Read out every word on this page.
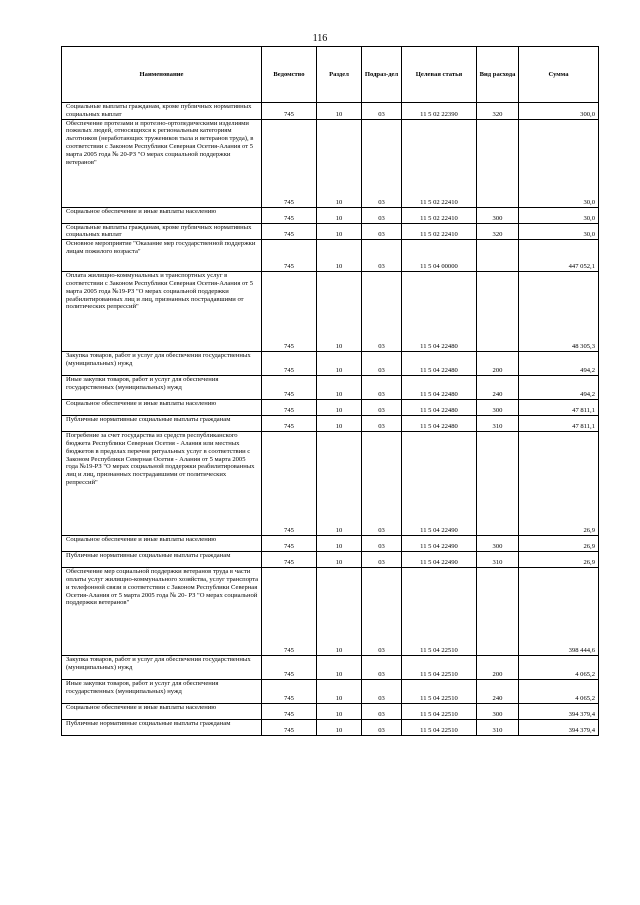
116
Наименование	Ведомство	Раздел	Подраз-дел	Целевая статья	Вид расхода	Сумма
Социальные выплаты гражданам, кроме публичных нормативных социальных выплат	745	10	03	11 5 02 22390	320	300,0
Обеспечение протезами и протезно-ортопедическими изделиями пожилых людей, относящихся к региональным категориям льготников (неработающих тружеников тыла и ветеранов труда), в соответствии с Законом Республики Северная Осетия-Алания от 5 марта 2005 года № 20-РЗ "О мерах социальной поддержки ветеранов"	745	10	03	11 5 02 22410		30,0
Социальное обеспечение и иные выплаты населению	745	10	03	11 5 02 22410	300	30,0
Социальные выплаты гражданам, кроме публичных нормативных социальных выплат	745	10	03	11 5 02 22410	320	30,0
Основное мероприятие "Оказание мер государственной поддержки лицам пожилого возраста"	745	10	03	11 5 04 00000		447 052,1
Оплата жилищно-коммунальных и транспортных услуг в соответствии с Законом Республики Северная Осетия-Алания от 5 марта 2005 года №19-РЗ "О мерах социальной поддержки реабилитированных лиц и лиц, признанных пострадавшими от политических репрессий"	745	10	03	11 5 04 22480		48 305,3
Закупка товаров, работ и услуг для обеспечения государственных (муниципальных) нужд	745	10	03	11 5 04 22480	200	494,2
Иные закупки товаров, работ и услуг для обеспечения государственных (муниципальных) нужд	745	10	03	11 5 04 22480	240	494,2
Социальное обеспечение и иные выплаты населению	745	10	03	11 5 04 22480	300	47 811,1
Публичные нормативные социальные выплаты гражданам	745	10	03	11 5 04 22480	310	47 811,1
Погребение за счет государства из средств республиканского бюджета Республики Северная Осетия - Алания или местных бюджетов в пределах перечня ритуальных услуг в соответствии с Законом Республики Северная Осетия - Алания от 5 марта 2005 года №19-РЗ "О мерах социальной поддержки реабилитированных лиц и лиц, признанных пострадавшими от политических репрессий"	745	10	03	11 5 04 22490		26,9
Социальное обеспечение и иные выплаты населению	745	10	03	11 5 04 22490	300	26,9
Публичные нормативные социальные выплаты гражданам	745	10	03	11 5 04 22490	310	26,9
Обеспечение мер социальной поддержки ветеранов труда в части оплаты услуг жилищно-коммунального хозяйства, услуг транспорта и телефонной связи в соответствии с Законом Республики Северная Осетия-Алания от 5 марта 2005 года № 20- РЗ "О мерах социальной поддержки ветеранов"	745	10	03	11 5 04 22510		398 444,6
Закупка товаров, работ и услуг для обеспечения государственных (муниципальных) нужд	745	10	03	11 5 04 22510	200	4 065,2
Иные закупки товаров, работ и услуг для обеспечения государственных (муниципальных) нужд	745	10	03	11 5 04 22510	240	4 065,2
Социальное обеспечение и иные выплаты населению	745	10	03	11 5 04 22510	300	394 379,4
Публичные нормативные социальные выплаты гражданам	745	10	03	11 5 04 22510	310	394 379,4
